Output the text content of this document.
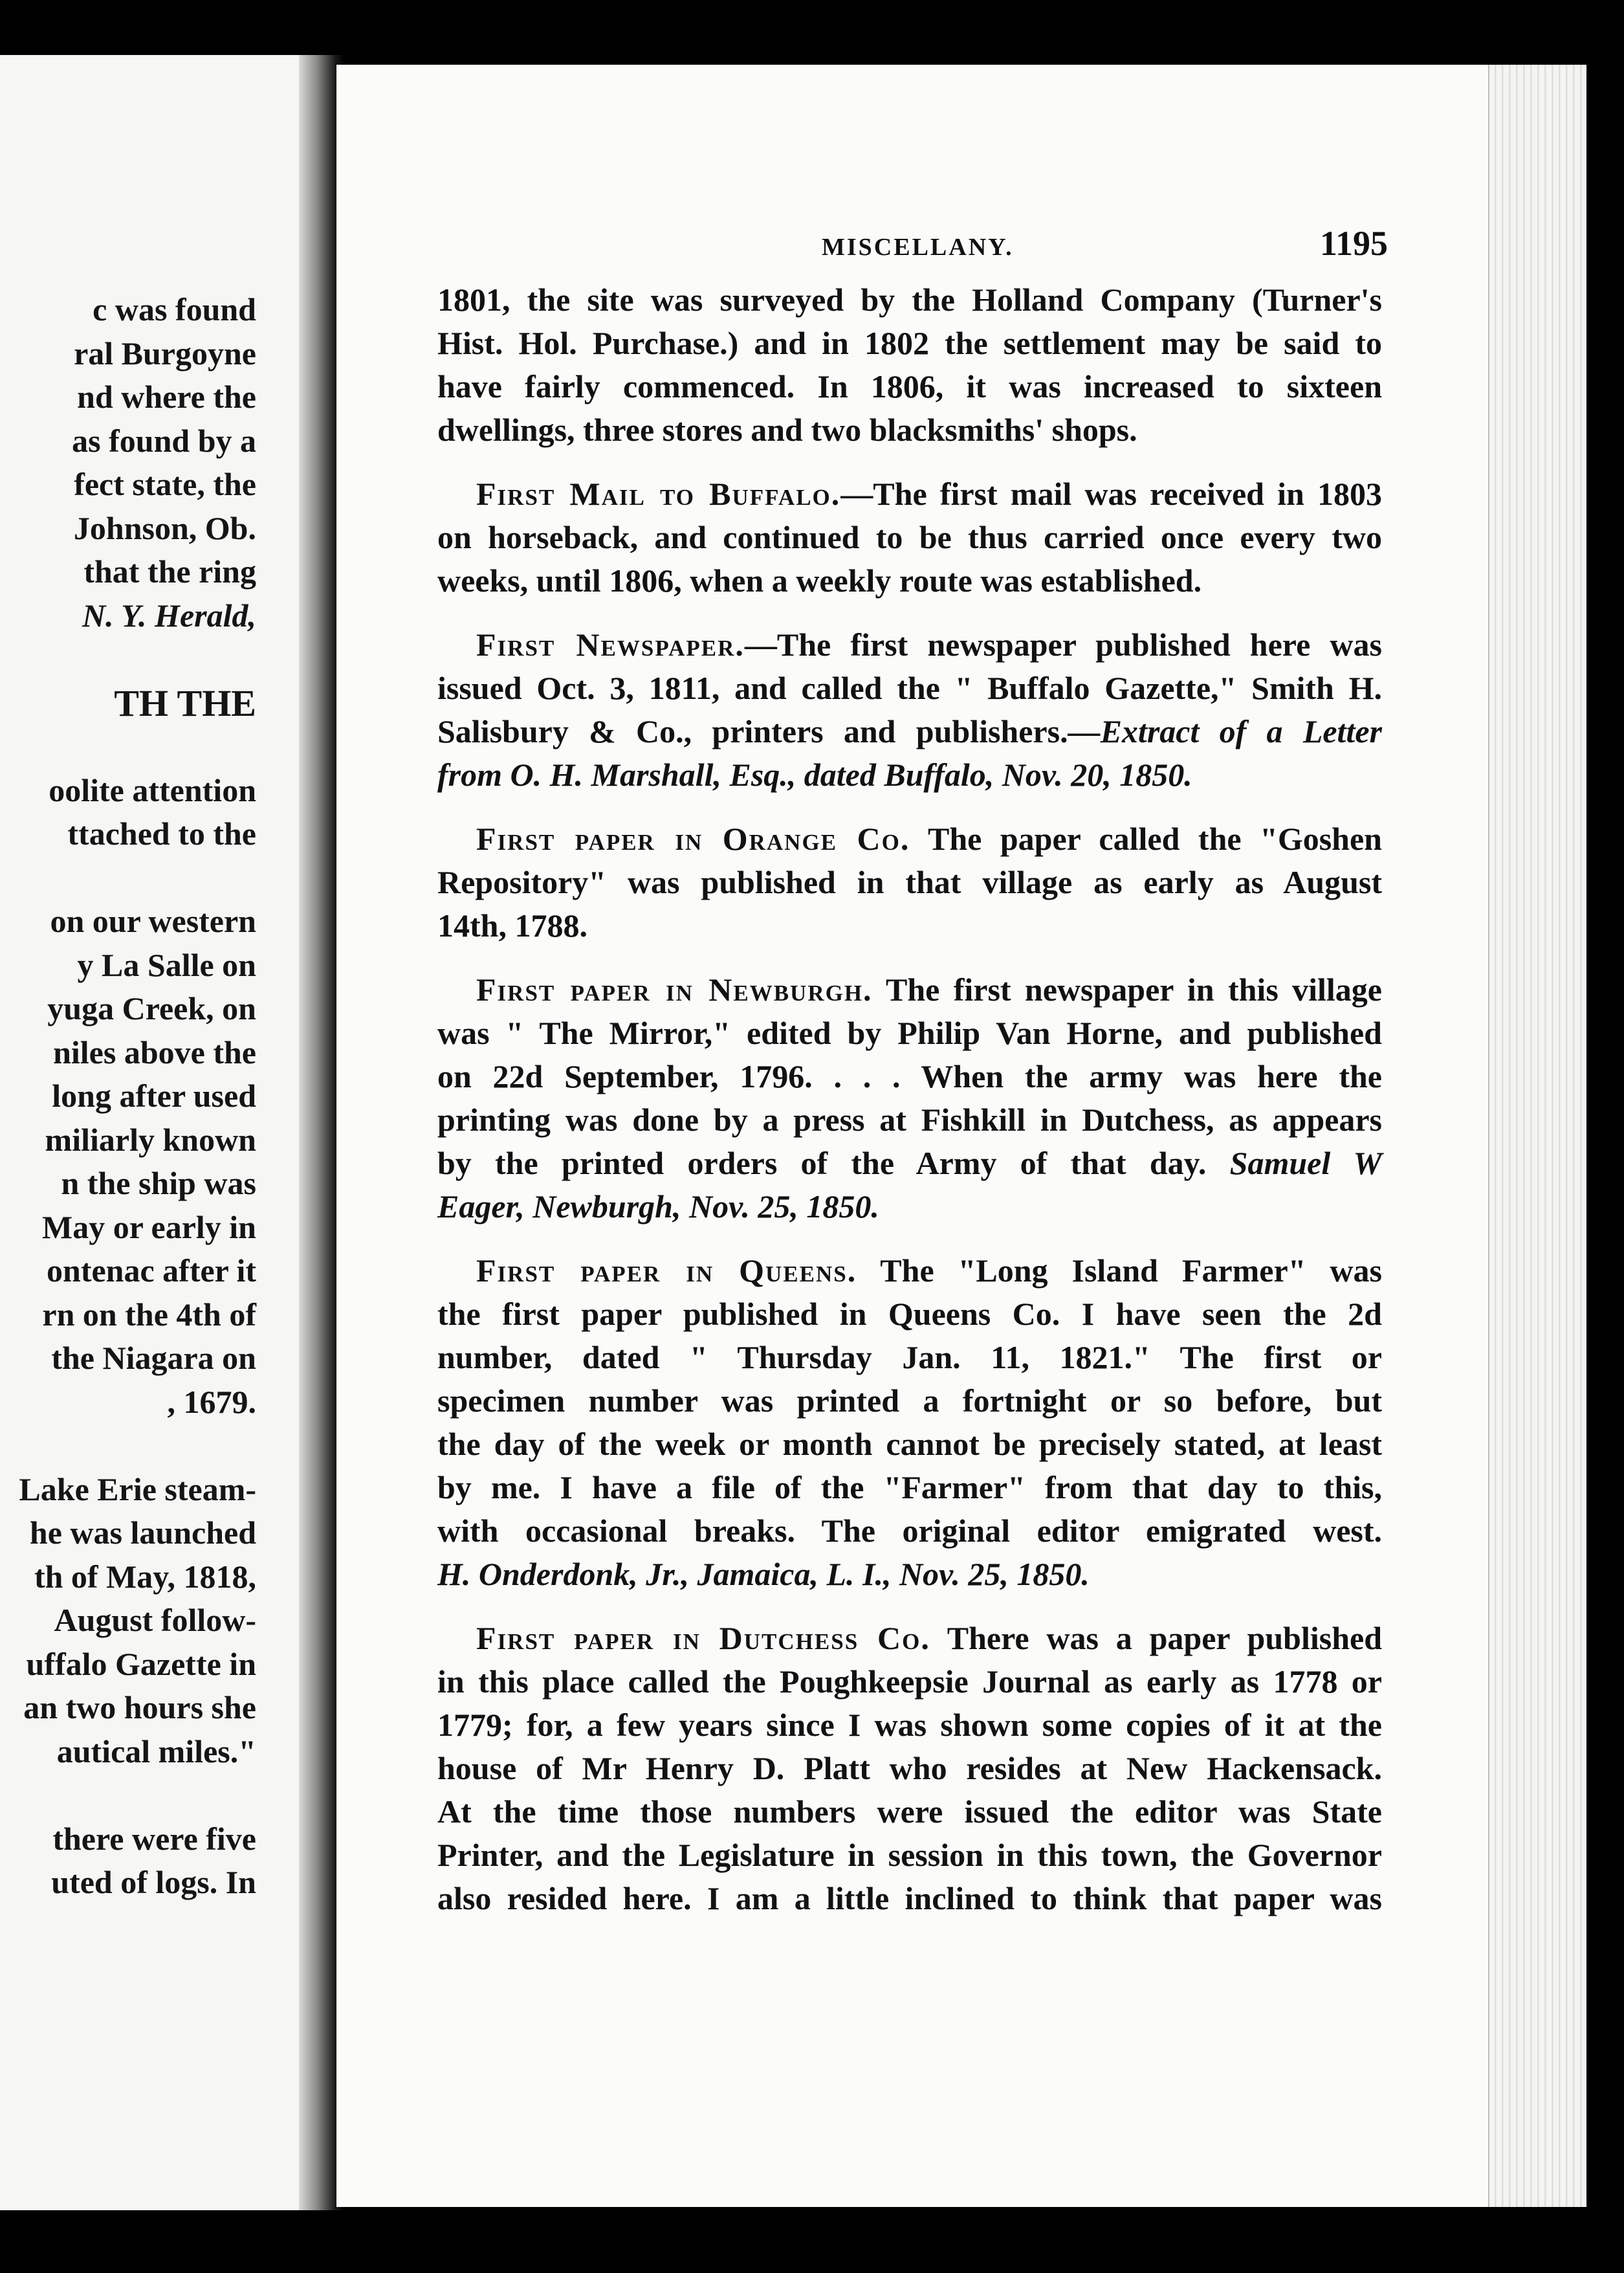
c was found
ral Burgoyne
nd where the
as found by a
fect state, the
Johnson, Ob.
that the ring
N. Y. Herald,
TH THE
oolite attention
ttached to the
on our western
y La Salle on
yuga Creek, on
niles above the
long after used
miliarly known
n the ship was
May or early in
ontenac after it
rn on the 4th of
the Niagara on
, 1679.
Lake Erie steam-
he was launched
th of May, 1818,
August follow-
uffalo Gazette in
an two hours she
autical miles."
there were five
uted of logs. In
MISCELLANY.	1195
1801, the site was surveyed by the Holland Company (Turner's
Hist. Hol. Purchase.) and in 1802 the settlement may be said to
have fairly commenced. In 1806, it was increased to sixteen
dwellings, three stores and two blacksmiths' shops.
First Mail to Buffalo.—The first mail was received in 1803
on horseback, and continued to be thus carried once every two
weeks, until 1806, when a weekly route was established.
First Newspaper.—The first newspaper published here was
issued Oct. 3, 1811, and called the " Buffalo Gazette," Smith H.
Salisbury & Co., printers and publishers.—Extract of a Letter
from O. H. Marshall, Esq., dated Buffalo, Nov. 20, 1850.
First paper in Orange Co. The paper called the "Goshen
Repository" was published in that village as early as August
14th, 1788.
First paper in Newburgh. The first newspaper in this village
was " The Mirror," edited by Philip Van Horne, and published
on 22d September, 1796. . . . When the army was here the
printing was done by a press at Fishkill in Dutchess, as appears
by the printed orders of the Army of that day. Samuel W
Eager, Newburgh, Nov. 25, 1850.
First paper in Queens. The "Long Island Farmer" was
the first paper published in Queens Co. I have seen the 2d
number, dated " Thursday Jan. 11, 1821." The first or
specimen number was printed a fortnight or so before, but
the day of the week or month cannot be precisely stated, at least
by me. I have a file of the "Farmer" from that day to this,
with occasional breaks. The original editor emigrated west.
H. Onderdonk, Jr., Jamaica, L. I., Nov. 25, 1850.
First paper in Dutchess Co. There was a paper published
in this place called the Poughkeepsie Journal as early as 1778 or
1779; for, a few years since I was shown some copies of it at the
house of Mr Henry D. Platt who resides at New Hackensack.
At the time those numbers were issued the editor was State
Printer, and the Legislature in session in this town, the Governor
also resided here. I am a little inclined to think that paper was
